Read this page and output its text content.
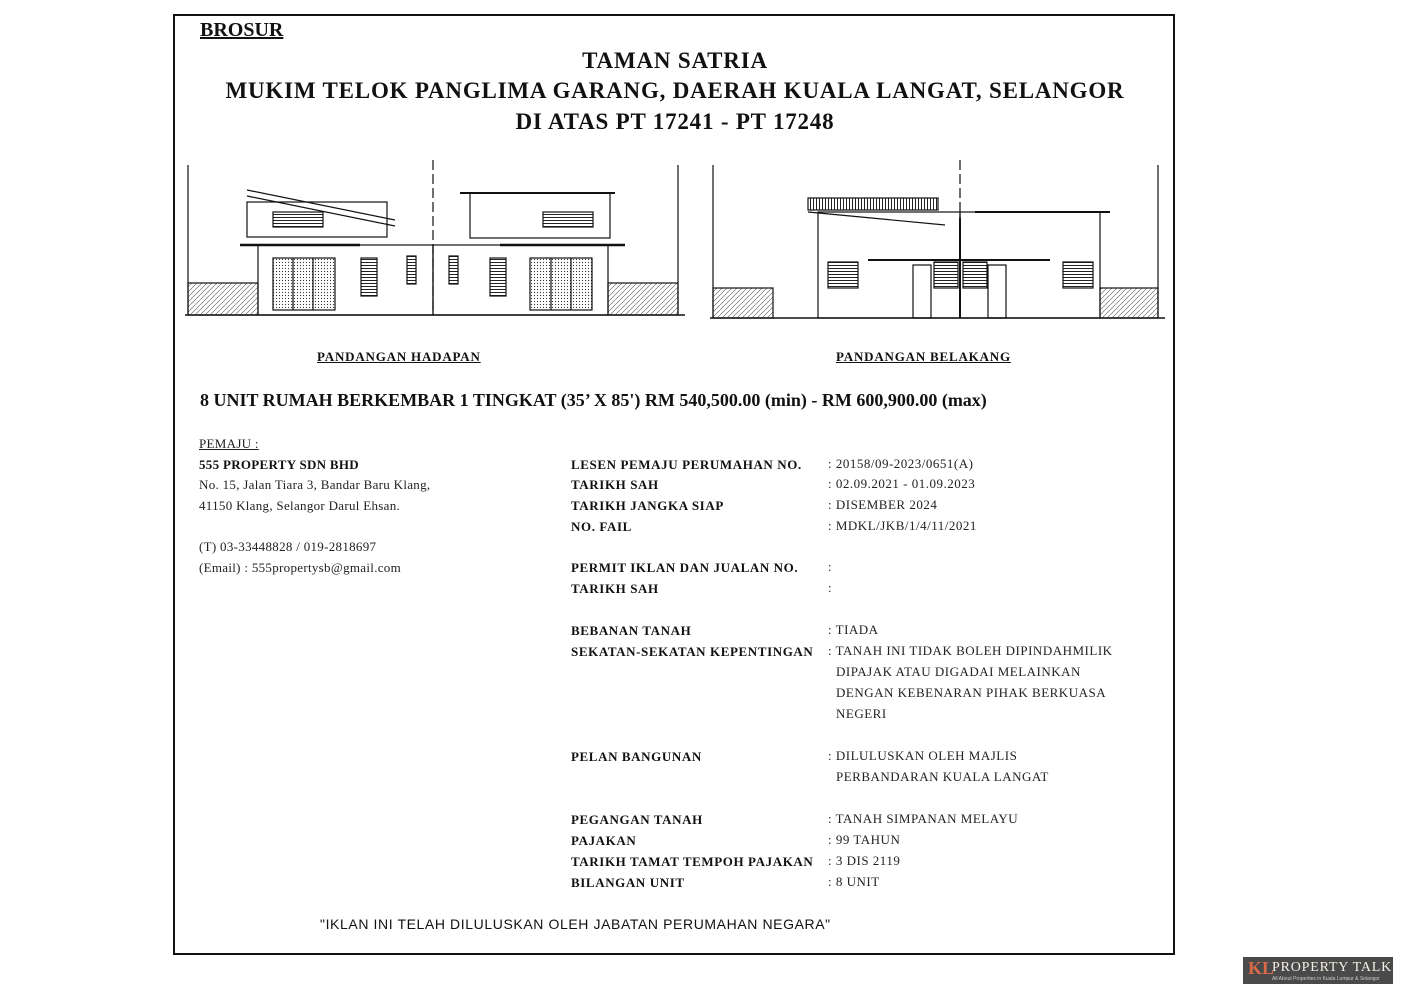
BROSUR
TAMAN SATRIA
MUKIM TELOK PANGLIMA GARANG, DAERAH KUALA LANGAT, SELANGOR
DI ATAS PT 17241 - PT 17248
PANDANGAN HADAPAN	PANDANGAN BELAKANG
8 UNIT RUMAH BERKEMBAR 1 TINGKAT (35’ X 85') RM 540,500.00 (min) - RM 600,900.00 (max)
PEMAJU :
555 PROPERTY SDN BHD
No. 15, Jalan Tiara 3, Bandar Baru Klang,
41150 Klang, Selangor Darul Ehsan.
(T) 03-33448828 / 019-2818697
(Email) : 555propertysb@gmail.com
LESEN PEMAJU PERUMAHAN NO. : 20158/09-2023/0651(A)
TARIKH SAH	: 02.09.2021 - 01.09.2023
TARIKH JANGKA SIAP	: DISEMBER 2024
NO. FAIL	: MDKL/JKB/1/4/11/2021
PERMIT IKLAN DAN JUALAN NO. :
TARIKH SAH	:
BEBANAN TANAH	: TIADA
SEKATAN-SEKATAN KEPENTINGAN : TANAH INI TIDAK BOLEH DIPINDAHMILIK
DIPAJAK ATAU DIGADAI MELAINKAN
DENGAN KEBENARAN PIHAK BERKUASA
NEGERI
PELAN BANGUNAN	: DILULUSKAN OLEH MAJLIS
PERBANDARAN KUALA LANGAT
PEGANGAN TANAH	: TANAH SIMPANAN MELAYU
PAJAKAN	: 99 TAHUN
TARIKH TAMAT TEMPOH PAJAKAN : 3 DIS 2119
BILANGAN UNIT	: 8 UNIT
"IKLAN INI TELAH DILULUSKAN OLEH JABATAN PERUMAHAN NEGARA"
KL
PROPERTY TALK
All About Properties in Kuala Lumpur & Selangor
